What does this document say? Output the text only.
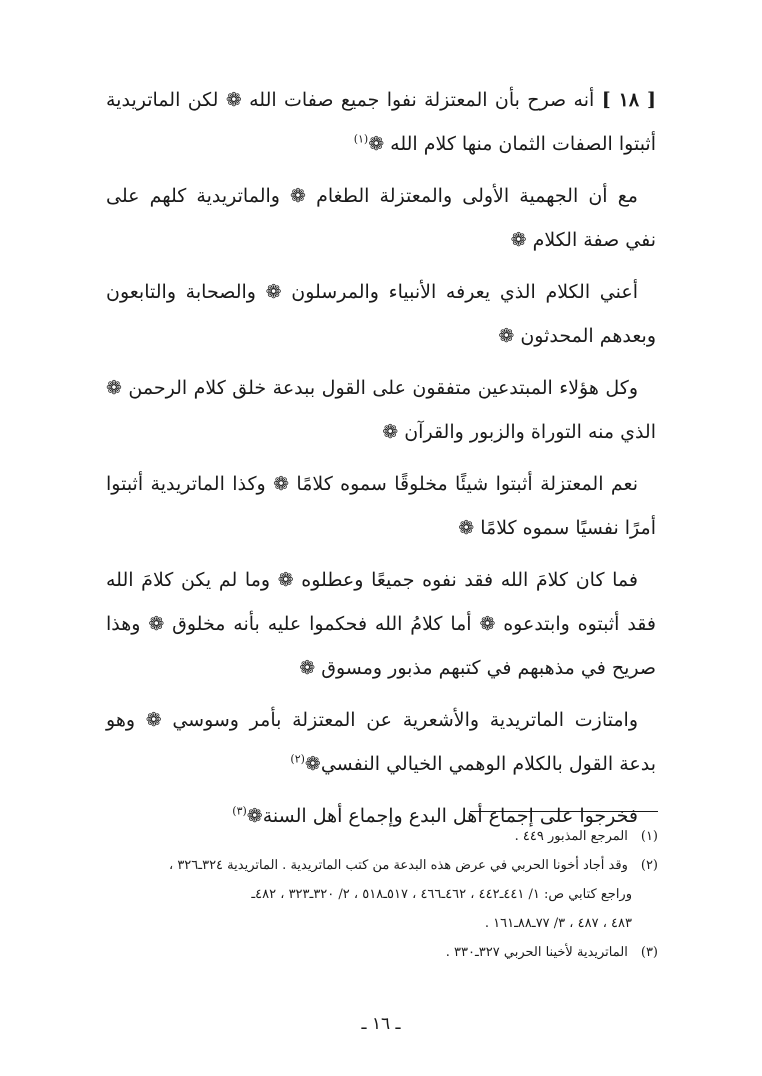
[ ١٨ ] أنه صرح بأن المعتزلة نفوا جميع صفات الله ❁ لكن الماتريدية أثبتوا الصفات الثمان منها كلام الله ❁$^{(١)}$

مع أن الجهمية الأولى والمعتزلة الطغام ❁ والماتريدية كلهم على نفي صفة الكلام ❁

أعني الكلام الذي يعرفه الأنبياء والمرسلون ❁ والصحابة والتابعون وبعدهم المحدثون ❁

وكل هؤلاء المبتدعين متفقون على القول ببدعة خلق كلام الرحمن ❁ الذي منه التوراة والزبور والقرآن ❁

نعم المعتزلة أثبتوا شيئًا مخلوقًا سموه كلامًا ❁ وكذا الماتريدية أثبتوا أمرًا نفسيًا سموه كلامًا ❁

فما كان كلامَ الله فقد نفوه جميعًا وعطلوه ❁ وما لم يكن كلامَ الله فقد أثبتوه وابتدعوه ❁ أما كلامُ الله فحكموا عليه بأنه مخلوق ❁ وهذا صريح في مذهبهم في كتبهم مذبور ومسوق ❁

وامتازت الماتريدية والأشعرية عن المعتزلة بأمر وسوسي ❁ وهو بدعة القول بالكلام الوهمي الخيالي النفسي❁$^{(٢)}$

فخرجوا على إجماع أهل البدع وإجماع أهل السنة❁$^{(٣)}$

(١) المرجع المذبور ٤٤٩ .

(٢) وقد أجاد أخونا الحربي في عرض هذه البدعة من كتب الماتريدية . الماتريدية ٣٢٤ـ٣٢٦ ،

وراجع كتابي ص: ١/ ٤٤١ـ٤٤٢ ، ٤٦٢ـ٤٦٦ ، ٥١٧ـ٥١٨ ، ٢/ ٣٢٠ـ٣٢٣ ، ٤٨٢ـ

٤٨٣ ، ٤٨٧ ، ٣/ ٧٧ـ٨٨ـ١٦١ .

(٣) الماتريدية لأخينا الحربي ٣٢٧ـ٣٣٠ .

ـ ١٦ ـ
